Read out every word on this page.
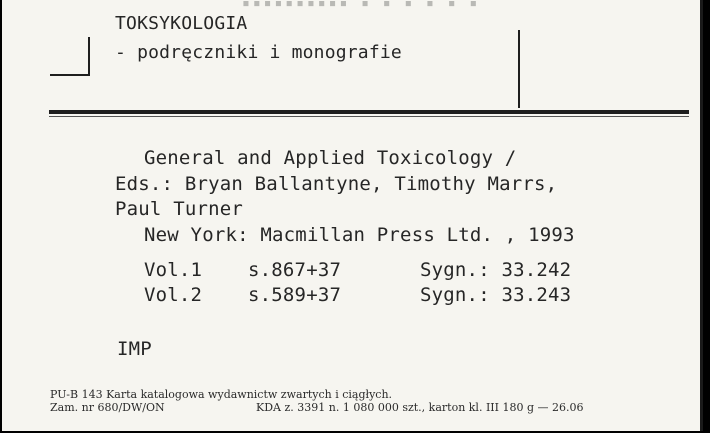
▪▪▪▪▪▪▪▪▪▪ ▪ ▪ ▪ ▪ ▪ ▪
TOKSYKOLOGIA
- podręczniki i monografie
General and Applied Toxicology /
Eds.: Bryan Ballantyne, Timothy Marrs,
Paul Turner
New York: Macmillan Press Ltd. , 1993
Vol.1 s.867+37	Sygn.: 33.242
Vol.2 s.589+37	Sygn.: 33.243
IMP
PU-B 143 Karta katalogowa wydawnictw zwartych i ciągłych.
Zam. nr 680/DW/ON	KDA z. 3391 n. 1 080 000 szt., karton kl. III 180 g — 26.06
